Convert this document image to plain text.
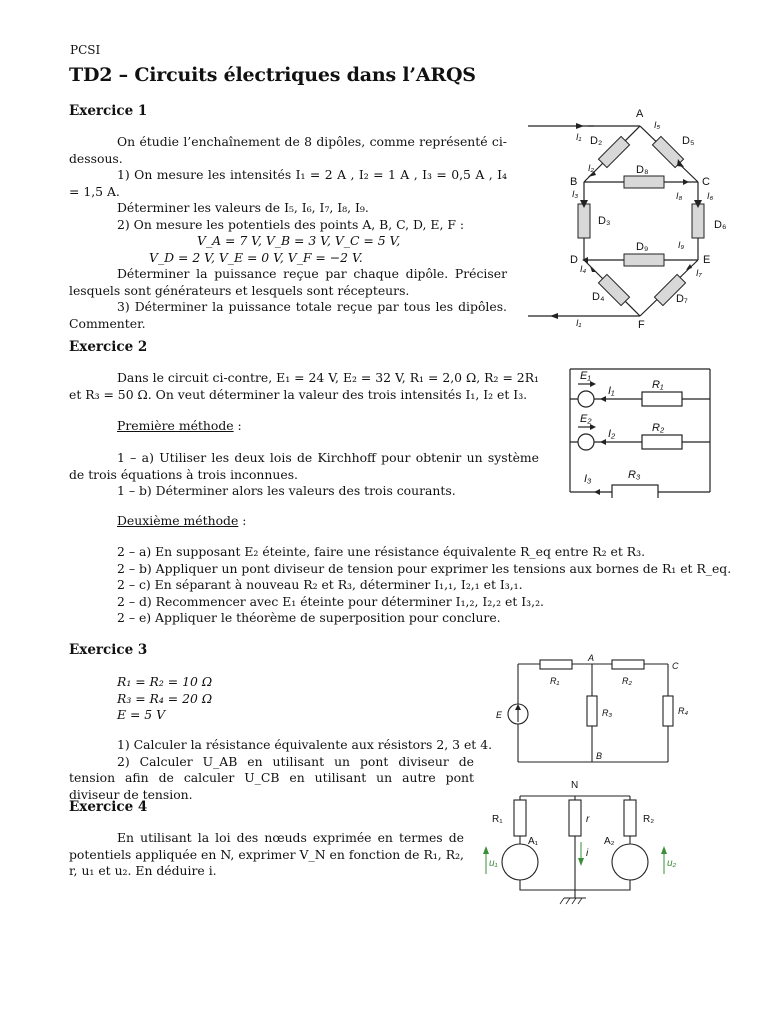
PCSI
TD2 – Circuits électriques dans l’ARQS
Exercice 1
On étudie l’enchaînement de 8 dipôles, comme représenté ci-dessous.
1) On mesure les intensités I₁ = 2 A , I₂ = 1 A , I₃ = 0,5 A , I₄ = 1,5 A.
Déterminer les valeurs de I₅, I₆, I₇, I₈, I₉.
2) On mesure les potentiels des points A, B, C, D, E, F :
V_A = 7 V, V_B = 3 V, V_C = 5 V,
V_D = 2 V, V_E = 0 V, V_F = −2 V.
Déterminer la puissance reçue par chaque dipôle. Préciser lesquels sont générateurs et lesquels sont récepteurs.
3) Déterminer la puissance totale reçue par tous les dipôles. Commenter.
A
B	C
D	E
F
D₂	D₅
D₈
D₃	D₆
D₉
D₄	D₇
I₁
I₅
I₂
I₃	I₈	I₆
I₉
I₄	I₇
I₁
Exercice 2
Dans le circuit ci-contre, E₁ = 24 V, E₂ = 32 V, R₁ = 2,0 Ω, R₂ = 2R₁ et R₃ = 50 Ω. On veut déterminer la valeur des trois intensités I₁, I₂ et I₃.
Première méthode :
1 – a) Utiliser les deux lois de Kirchhoff pour obtenir un système de trois équations à trois inconnues.
1 – b) Déterminer alors les valeurs des trois courants.
Deuxième méthode :
2 – a) En supposant E₂ éteinte, faire une résistance équivalente R_eq entre R₂ et R₃.
2 – b) Appliquer un pont diviseur de tension pour exprimer les tensions aux bornes de R₁ et R_eq.
2 – c) En séparant à nouveau R₂ et R₃, déterminer I₁,₁, I₂,₁ et I₃,₁.
2 – d) Recommencer avec E₁ éteinte pour déterminer I₁,₂, I₂,₂ et I₃,₂.
2 – e) Appliquer le théorème de superposition pour conclure.
E₁
I₁	R₁
E₂
I₂	R₂
I₃	R₃
Exercice 3
R₁ = R₂ = 10 Ω
R₃ = R₄ = 20 Ω
E = 5 V
1) Calculer la résistance équivalente aux résistors 2, 3 et 4.
2) Calculer U_AB en utilisant un pont diviseur de tension afin de calculer U_CB en utilisant un autre pont diviseur de tension.
A
C
R₁	R₂
E	R₃	R₄
B
Exercice 4
En utilisant la loi des nœuds exprimée en termes de potentiels appliquée en N, exprimer V_N en fonction de R₁, R₂, r, u₁ et u₂. En déduire i.
N
R₁	r	R₂
A₁	A₂
i
u₁	u₂
